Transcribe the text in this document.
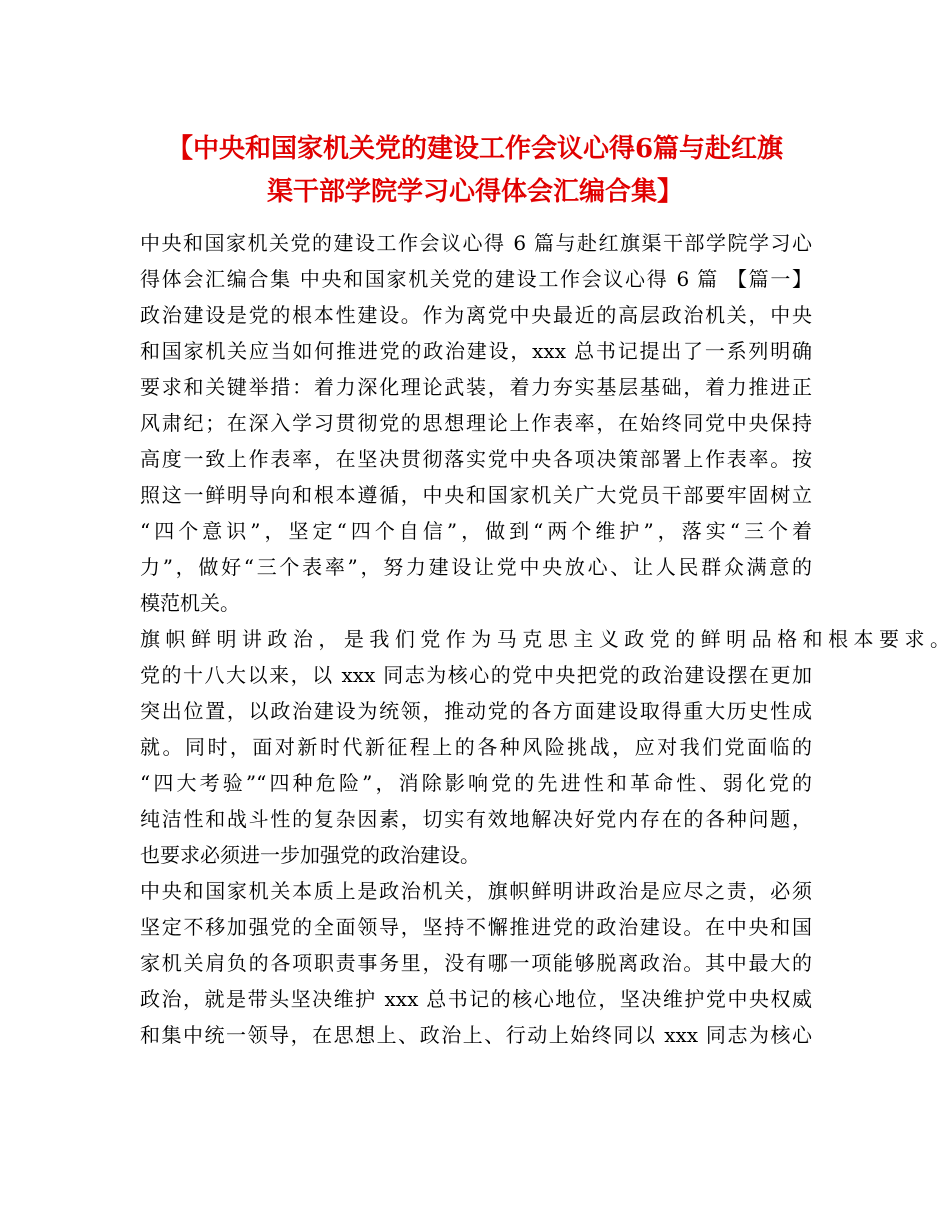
【中央和国家机关党的建设工作会议心得6篇与赴红旗
渠干部学院学习心得体会汇编合集】
中央和国家机关党的建设工作会议心得 6 篇与赴红旗渠干部学院学习心
得体会汇编合集 中央和国家机关党的建设工作会议心得 6 篇 【篇一】
政治建设是党的根本性建设。作为离党中央最近的高层政治机关，中央
和国家机关应当如何推进党的政治建设，xxx 总书记提出了一系列明确
要求和关键举措：着力深化理论武装，着力夯实基层基础，着力推进正
风肃纪；在深入学习贯彻党的思想理论上作表率，在始终同党中央保持
高度一致上作表率，在坚决贯彻落实党中央各项决策部署上作表率。按
照这一鲜明导向和根本遵循，中央和国家机关广大党员干部要牢固树立
“四个意识”，坚定“四个自信”，做到“两个维护”，落实“三个着
力”，做好“三个表率”，努力建设让党中央放心、让人民群众满意的
模范机关。
旗帜鲜明讲政治，是我们党作为马克思主义政党的鲜明品格和根本要求。
党的十八大以来，以 xxx 同志为核心的党中央把党的政治建设摆在更加
突出位置，以政治建设为统领，推动党的各方面建设取得重大历史性成
就。同时，面对新时代新征程上的各种风险挑战，应对我们党面临的
“四大考验”“四种危险”，消除影响党的先进性和革命性、弱化党的
纯洁性和战斗性的复杂因素，切实有效地解决好党内存在的各种问题，
也要求必须进一步加强党的政治建设。
中央和国家机关本质上是政治机关，旗帜鲜明讲政治是应尽之责，必须
坚定不移加强党的全面领导，坚持不懈推进党的政治建设。在中央和国
家机关肩负的各项职责事务里，没有哪一项能够脱离政治。其中最大的
政治，就是带头坚决维护 xxx 总书记的核心地位，坚决维护党中央权威
和集中统一领导，在思想上、政治上、行动上始终同以 xxx 同志为核心
